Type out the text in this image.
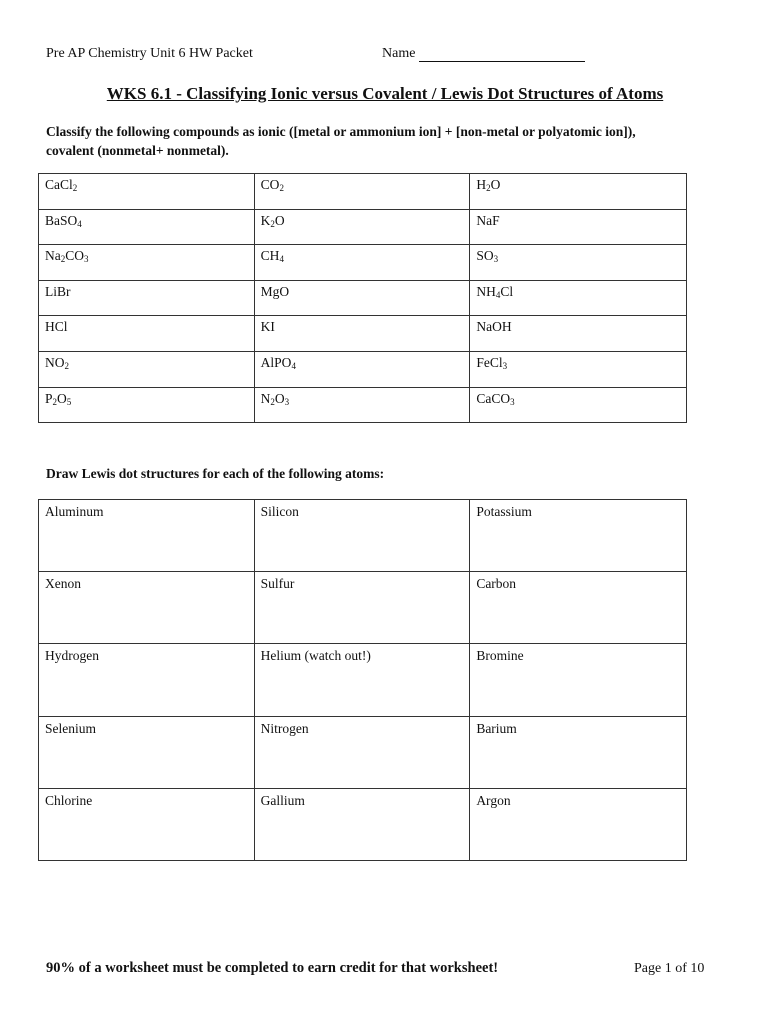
Pre AP Chemistry Unit 6 HW Packet	Name
WKS 6.1 - Classifying Ionic versus Covalent / Lewis Dot Structures of Atoms
Classify the following compounds as ionic ([metal or ammonium ion] + [non-metal or polyatomic ion]),
covalent (nonmetal+ nonmetal).
CaCl$_2$	$CO_2$	$H_2O$
BaSO$_4$	$K_2O$	NaF
$Na_2CO_3$	$CH_4$	$SO_3$
LiBr	MgO	$NH_4Cl$
HCl	KI	NaOH
$NO_2$	AlPO$_4$	FeCl$_3$
$P_2O_5$	$N_2O_3$	CaCO$_3$
Draw Lewis dot structures for each of the following atoms:
Aluminum	Silicon	Potassium
Xenon	Sulfur	Carbon
Hydrogen	Helium (watch out!)	Bromine
Selenium	Nitrogen	Barium
Chlorine	Gallium	Argon
90% of a worksheet must be completed to earn credit for that worksheet!	Page 1 of 10
